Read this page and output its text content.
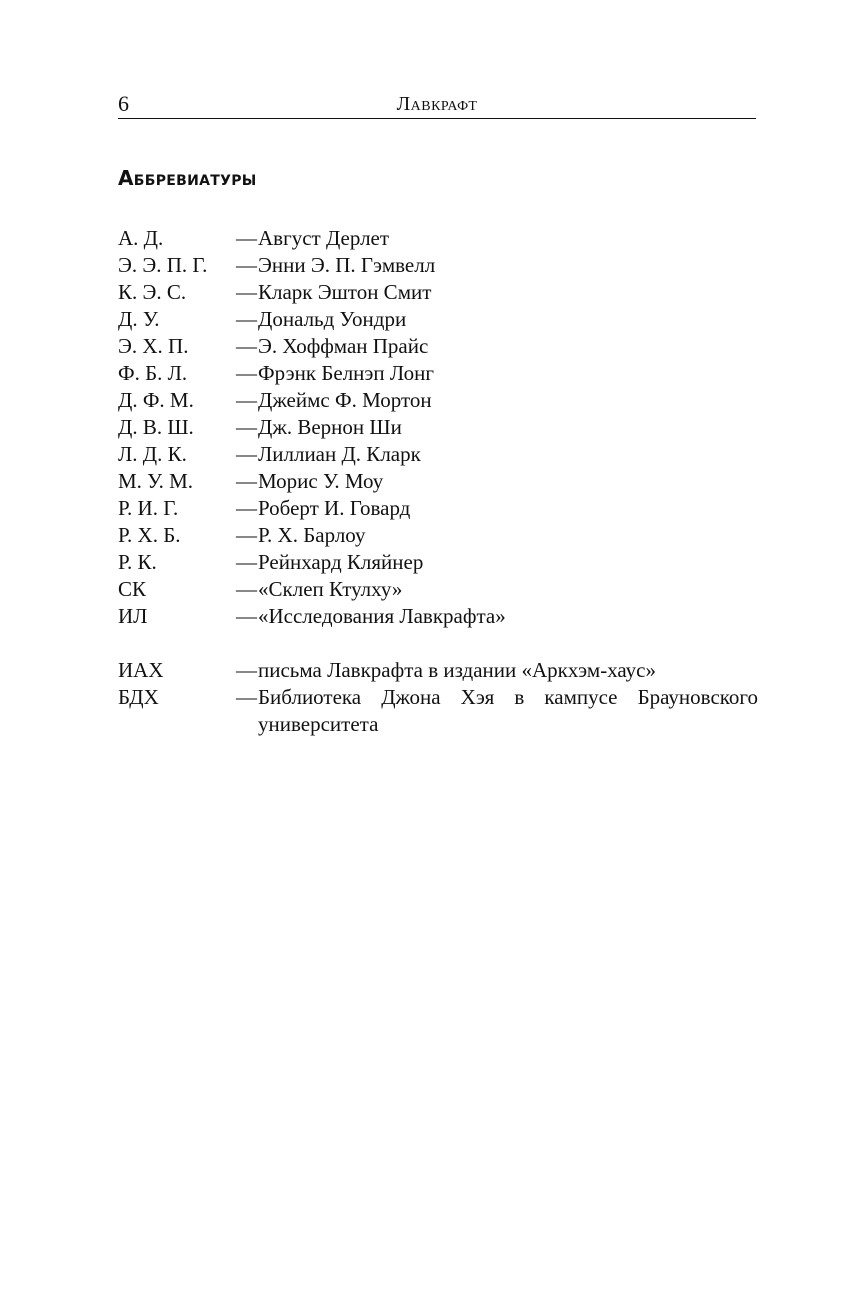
6	Лавкрафт
Аббревиатуры
А. Д.	— Август Дерлет
Э. Э. П. Г.	— Энни Э. П. Гэмвелл
К. Э. С.	— Кларк Эштон Смит
Д. У.	— Дональд Уондри
Э. Х. П.	— Э. Хоффман Прайс
Ф. Б. Л.	— Фрэнк Белнэп Лонг
Д. Ф. М.	— Джеймс Ф. Мортон
Д. В. Ш.	— Дж. Вернон Ши
Л. Д. К.	— Лиллиан Д. Кларк
М. У. М.	— Морис У. Моу
Р. И. Г.	— Роберт И. Говард
Р. Х. Б.	— Р. Х. Барлоу
Р. К.	— Рейнхард Кляйнер
СК	— «Склеп Ктулху»
ИЛ	— «Исследования Лавкрафта»
ИАХ	— письма Лавкрафта в издании «Аркхэм-хаус»
БДХ	— Библиотека Джона Хэя в кампусе Брауновского университета
